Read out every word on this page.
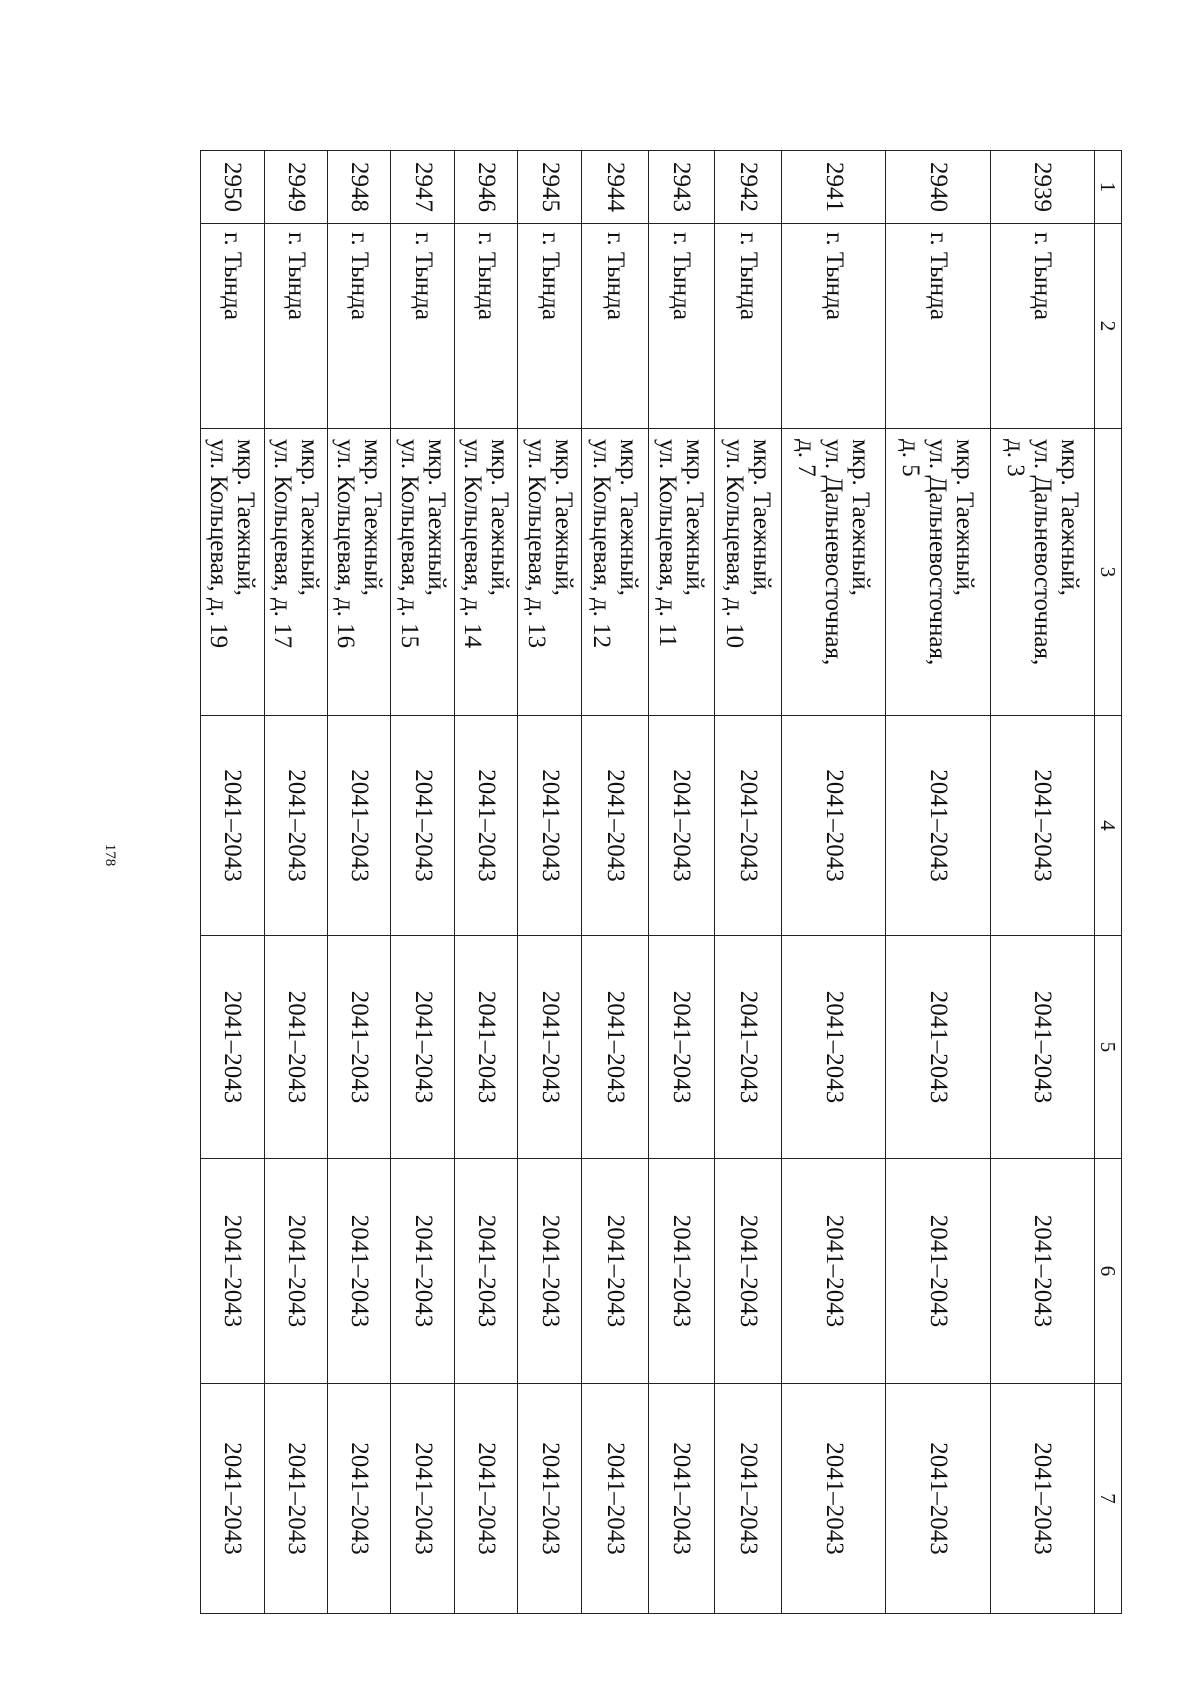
178
1	2	3	4	5	6	7
2939	г. Тында	мкр. Таежный,
ул. Дальневосточная,
д. 3	2041–2043	2041–2043	2041–2043	2041–2043
2940	г. Тында	мкр. Таежный,
ул. Дальневосточная,
д. 5	2041–2043	2041–2043	2041–2043	2041–2043
2941	г. Тында	мкр. Таежный,
ул. Дальневосточная,
д. 7	2041–2043	2041–2043	2041–2043	2041–2043
2942	г. Тында	мкр. Таежный,
ул. Кольцевая, д. 10	2041–2043	2041–2043	2041–2043	2041–2043
2943	г. Тында	мкр. Таежный,
ул. Кольцевая, д. 11	2041–2043	2041–2043	2041–2043	2041–2043
2944	г. Тында	мкр. Таежный,
ул. Кольцевая, д. 12	2041–2043	2041–2043	2041–2043	2041–2043
2945	г. Тында	мкр. Таежный,
ул. Кольцевая, д. 13	2041–2043	2041–2043	2041–2043	2041–2043
2946	г. Тында	мкр. Таежный,
ул. Кольцевая, д. 14	2041–2043	2041–2043	2041–2043	2041–2043
2947	г. Тында	мкр. Таежный,
ул. Кольцевая, д. 15	2041–2043	2041–2043	2041–2043	2041–2043
2948	г. Тында	мкр. Таежный,
ул. Кольцевая, д. 16	2041–2043	2041–2043	2041–2043	2041–2043
2949	г. Тында	мкр. Таежный,
ул. Кольцевая, д. 17	2041–2043	2041–2043	2041–2043	2041–2043
2950	г. Тында	мкр. Таежный,
ул. Кольцевая, д. 19	2041–2043	2041–2043	2041–2043	2041–2043
